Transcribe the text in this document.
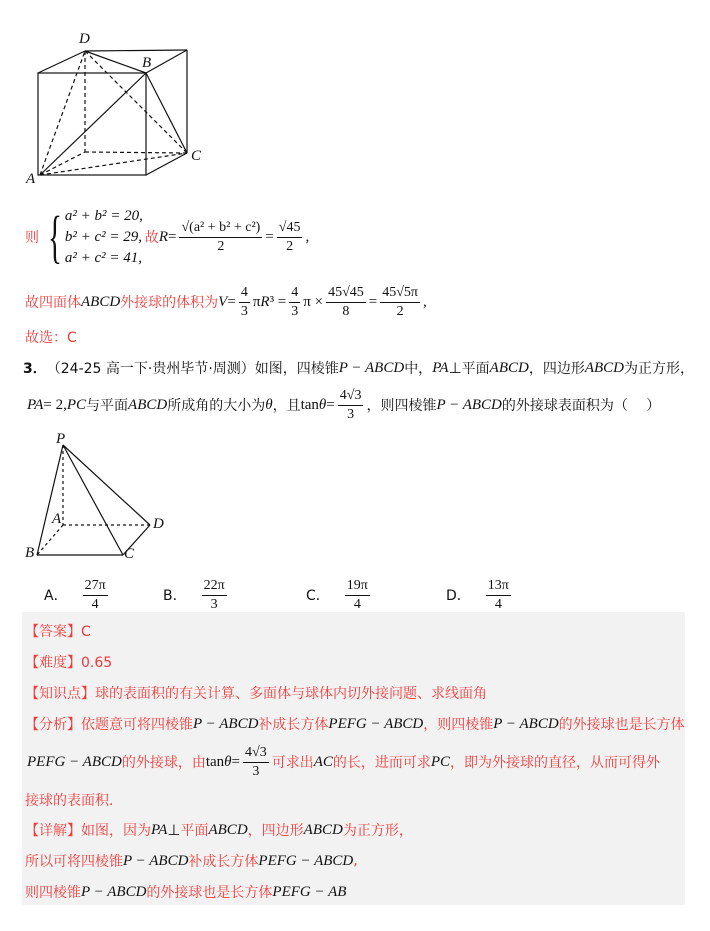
D
B
C
A
P
A	D
B	C
则 { a² + b² = 20,
b² + c² = 29,
a² + c² = 41,
故 $R = \frac{\text{√(a² + b² + c²)}}{2} = \frac{√45}{2}$ ,
故四面体 ABCD 外接球的体积为 $V = \frac{4}{3}$ π R $^3 = \frac{4}{3}$ $\pi \times \frac{45√45}{8} = \frac{45√5\pi}{2}$ ,
故选：C
3． （24-25 高一下·贵州毕节·周测）如图，四棱锥 P − ABCD 中， PA ⊥ 平面 ABCD ，四边形 ABCD 为正方形，
PA = 2, PC 与平面 ABCD 所成角的大小为 θ ，且 $\tan \theta = \frac{4√3}{3}$ ，则四棱锥 P − ABCD 的外接球表面积为（　 ）
A． $\frac{27\pi}{4}$	B． $\frac{22\pi}{3}$	C． $\frac{19\pi}{4}$	D． $\frac{13\pi}{4}$
【答案】C
【难度】0.65
【知识点】球的表面积的有关计算、多面体与球体内切外接问题、求线面角
【分析】依题意可将四棱锥 P − ABCD 补成长方体 PEFG − ABCD ，则四棱锥 P − ABCD 的外接球也是长方体
PEFG − ABCD 的外接球，由 $\tan \theta = \frac{4√3}{3}$ 可求出 AC 的长，进而可求 PC ，即为外接球的直径，从而可得外
接球的表面积.
【详解】如图，因为 PA ⊥ 平面 ABCD ，四边形 ABCD 为正方形，
所以可将四棱锥 P − ABCD 补成长方体 PEFG − ABCD ,
则四棱锥 P − ABCD 的外接球也是长方体 PEFG − AB
